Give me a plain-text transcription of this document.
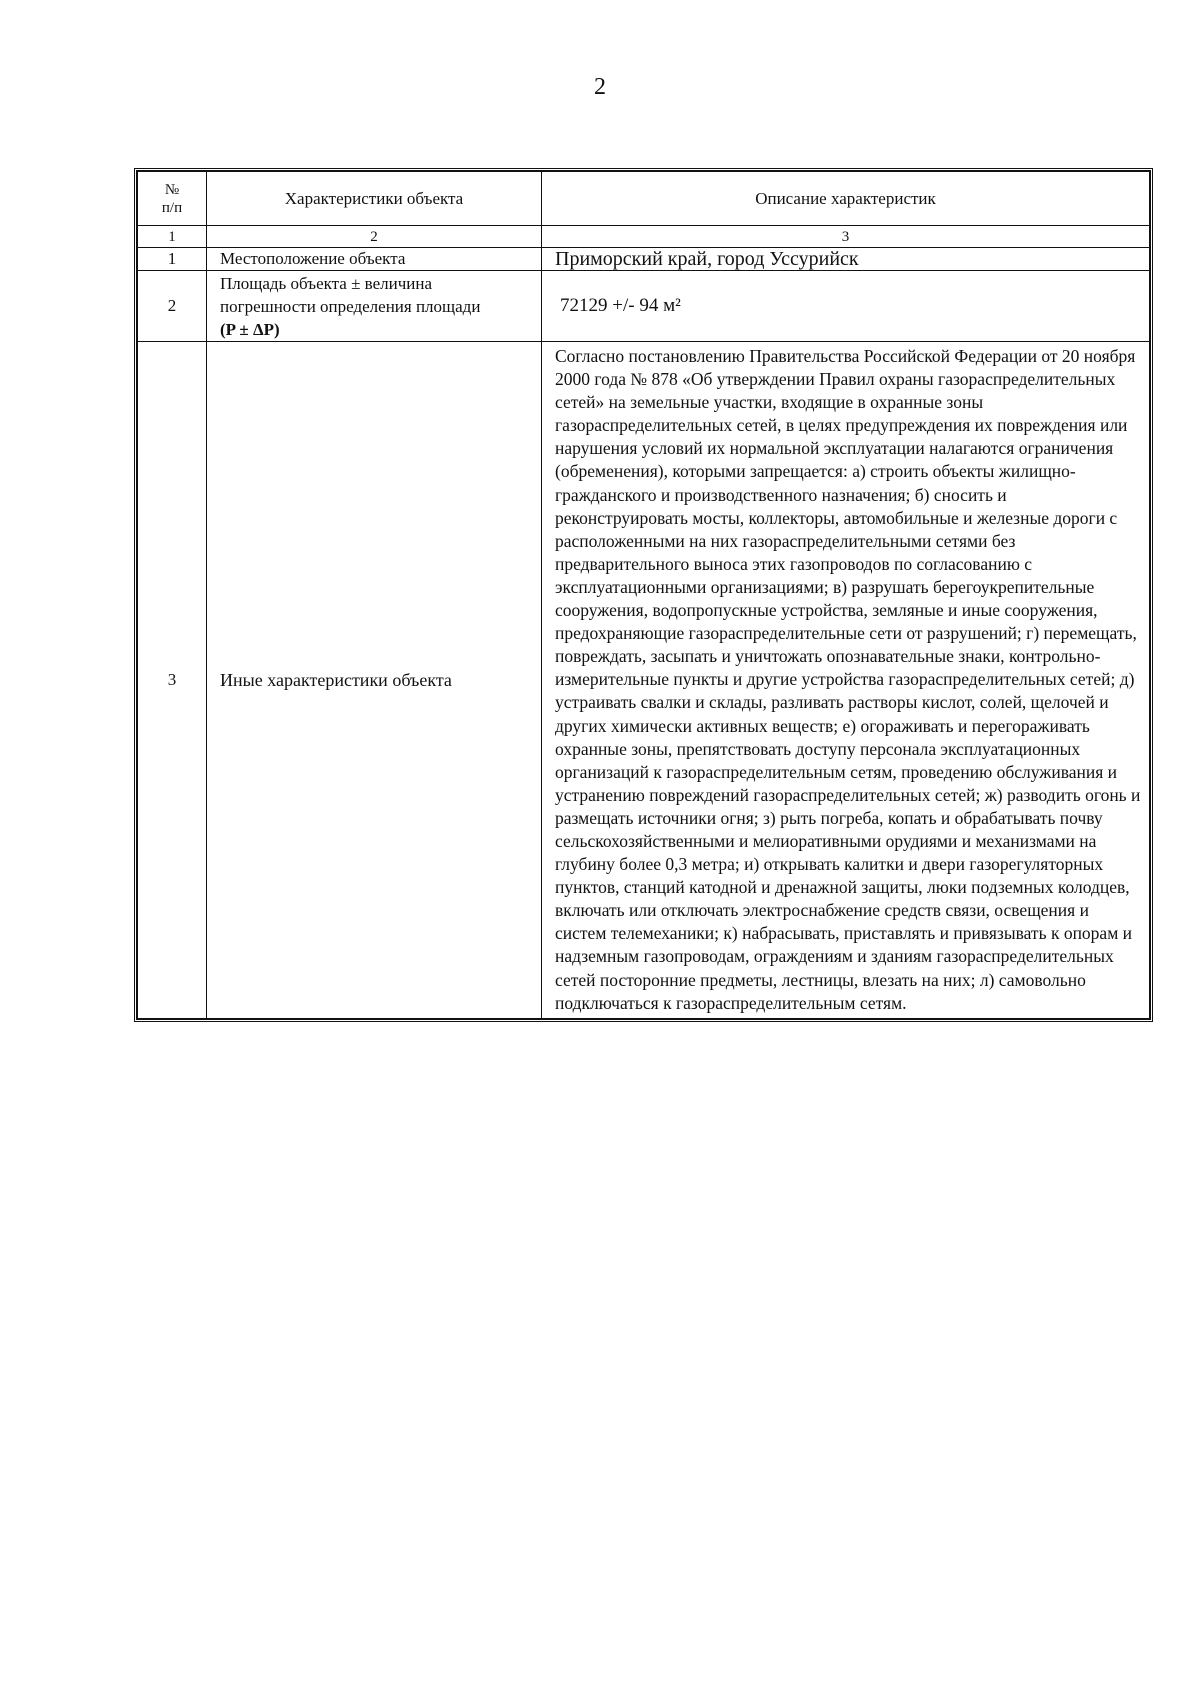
2
№
п/п	Характеристики объекта	Описание характеристик
1	2	3
1	Местоположение объекта	Приморский край, город Уссурийск
2	Площадь объекта ± величина
погрешности определения площади
(P ± ΔP)	72129 +/- 94 м²
3	Иные характеристики объекта	Согласно постановлению Правительства Российской Федерации от 20 ноября 2000 года № 878 «Об утверждении Правил охраны газораспределительных сетей» на земельные участки, входящие в охранные зоны газораспределительных сетей, в целях предупреждения их повреждения или нарушения условий их нормальной эксплуатации налагаются ограничения (обременения), которыми запрещается: а) строить объекты жилищно-гражданского и производственного назначения; б) сносить и реконструировать мосты, коллекторы, автомобильные и железные дороги с расположенными на них газораспределительными сетями без предварительного выноса этих газопроводов по согласованию с эксплуатационными организациями; в) разрушать берегоукрепительные сооружения, водопропускные устройства, земляные и иные сооружения, предохраняющие газораспределительные сети от разрушений; г) перемещать, повреждать, засыпать и уничтожать опознавательные знаки, контрольно-измерительные пункты и другие устройства газораспределительных сетей; д) устраивать свалки и склады, разливать растворы кислот, солей, щелочей и других химически активных веществ; е) огораживать и перегораживать охранные зоны, препятствовать доступу персонала эксплуатационных организаций к газораспределительным сетям, проведению обслуживания и устранению повреждений газораспределительных сетей; ж) разводить огонь и размещать источники огня; з) рыть погреба, копать и обрабатывать почву сельскохозяйственными и мелиоративными орудиями и механизмами на глубину более 0,3 метра; и) открывать калитки и двери газорегуляторных пунктов, станций катодной и дренажной защиты, люки подземных колодцев, включать или отключать электроснабжение средств связи, освещения и систем телемеханики; к) набрасывать, приставлять и привязывать к опорам и надземным газопроводам, ограждениям и зданиям газораспределительных сетей посторонние предметы, лестницы, влезать на них; л) самовольно подключаться к газораспределительным сетям.
